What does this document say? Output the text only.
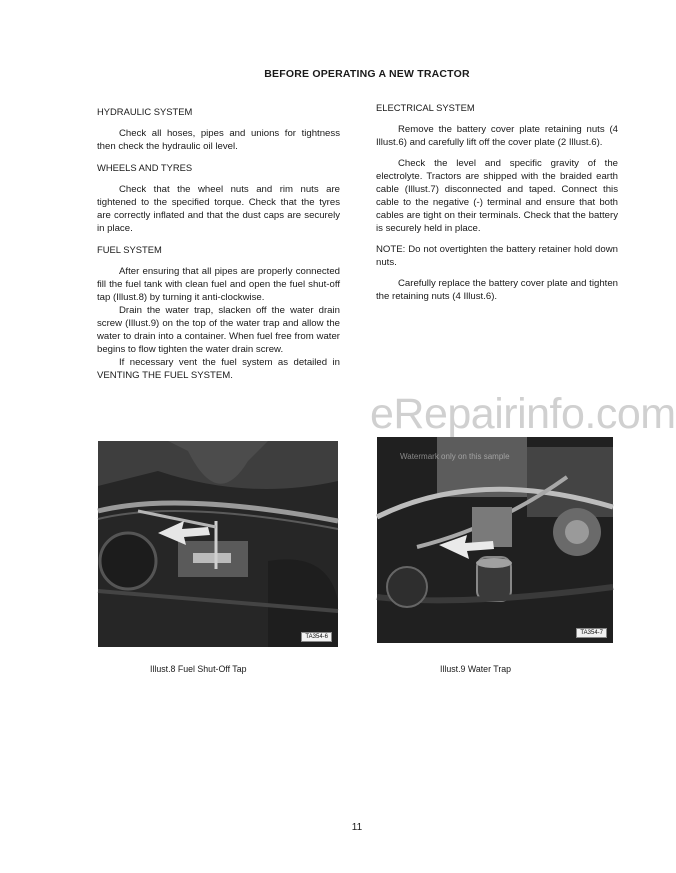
BEFORE OPERATING A NEW TRACTOR
HYDRAULIC SYSTEM

Check all hoses, pipes and unions for tightness then check the hydraulic oil level.

WHEELS AND TYRES

Check that the wheel nuts and rim nuts are tightened to the specified torque. Check that the tyres are correctly inflated and that the dust caps are securely in place.

FUEL SYSTEM

After ensuring that all pipes are properly connected fill the fuel tank with clean fuel and open the fuel shut-off tap (Illust.8) by turning it anti-clockwise.

Drain the water trap, slacken off the water drain screw (Illust.9) on the top of the water trap and allow the water to drain into a container. When fuel free from water begins to flow tighten the water drain screw.

If necessary vent the fuel system as detailed in VENTING THE FUEL SYSTEM.

ELECTRICAL SYSTEM

Remove the battery cover plate retaining nuts (4 Illust.6) and carefully lift off the cover plate (2 Illust.6).

Check the level and specific gravity of the electrolyte. Tractors are shipped with the braided earth cable (Illust.7) disconnected and taped. Connect this cable to the negative (-) terminal and ensure that both cables are tight on their terminals. Check that the battery is securely held in place.

NOTE: Do not overtighten the battery retainer hold down nuts.

Carefully replace the battery cover plate and tighten the retaining nuts (4 Illust.6).

TA354-6
TA354-7
Illust.8 Fuel Shut-Off Tap	Illust.9 Water Trap
eRepairinfo.com
Watermark only on this sample
11
